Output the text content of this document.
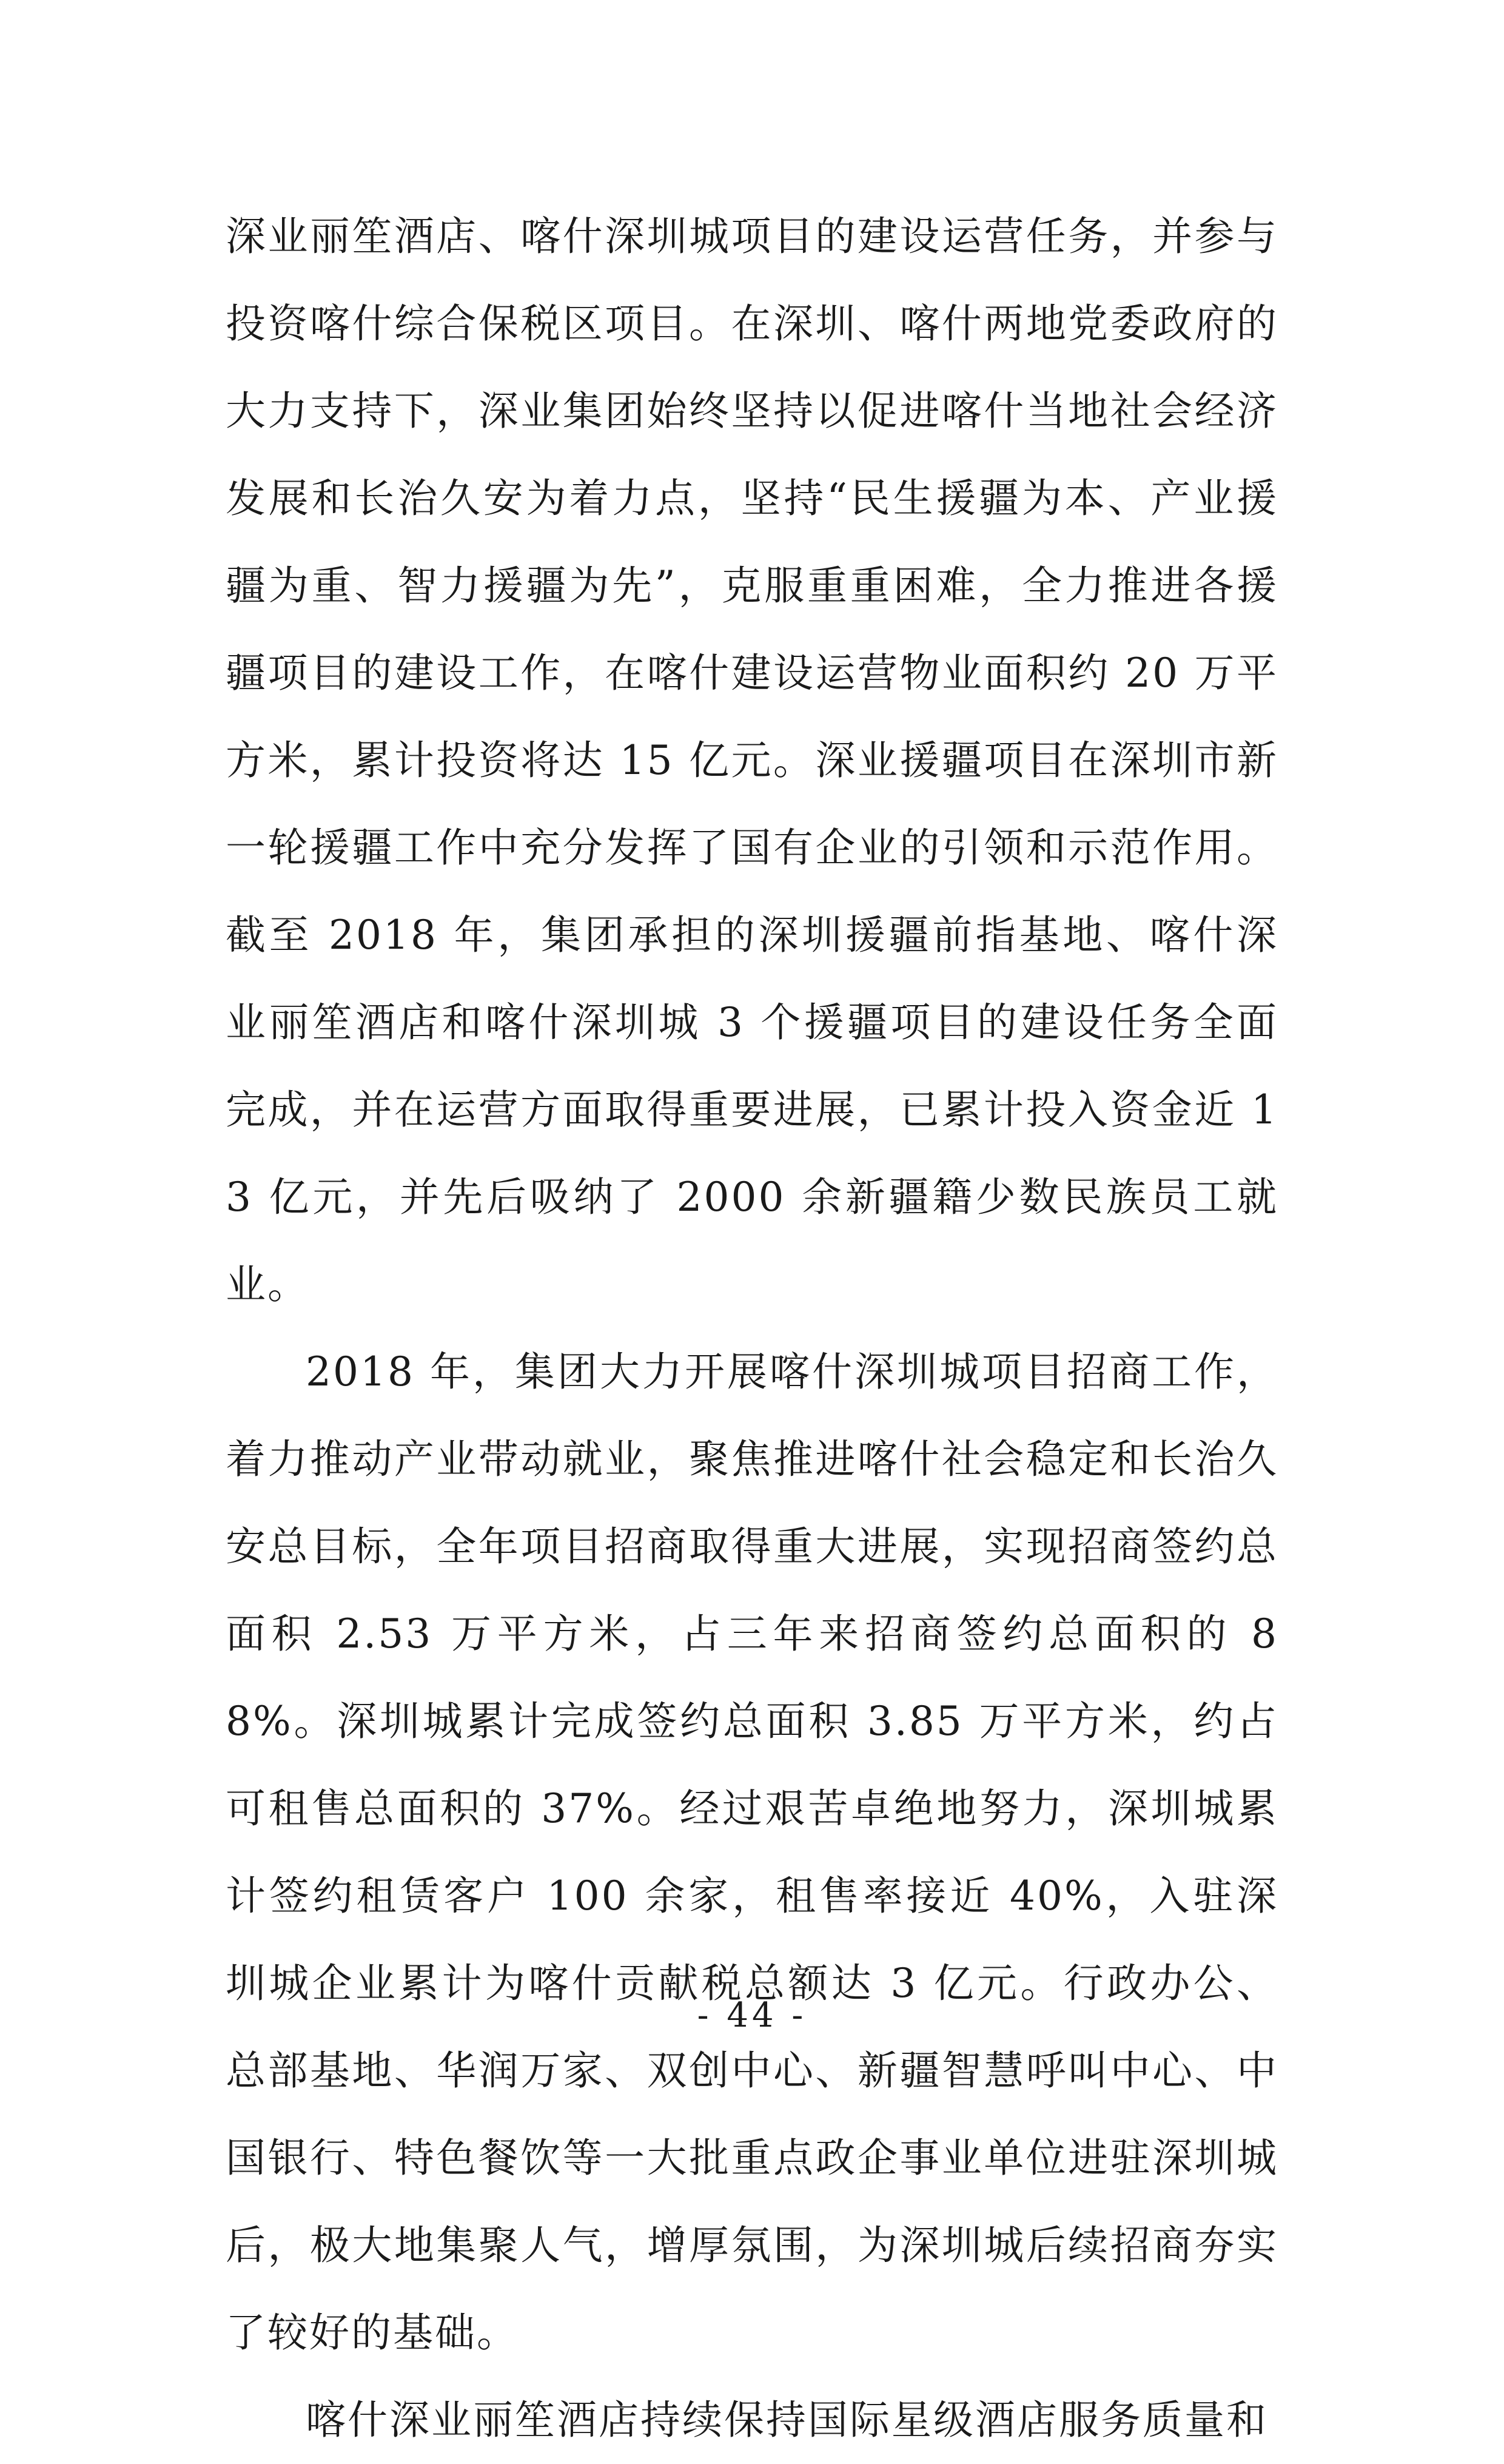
深业丽笙酒店、喀什深圳城项目的建设运营任务，并参与投资喀什综合保税区项目。在深圳、喀什两地党委政府的大力支持下，深业集团始终坚持以促进喀什当地社会经济发展和长治久安为着力点，坚持“民生援疆为本、产业援疆为重、智力援疆为先”，克服重重困难，全力推进各援疆项目的建设工作，在喀什建设运营物业面积约 20 万平方米，累计投资将达 15 亿元。深业援疆项目在深圳市新一轮援疆工作中充分发挥了国有企业的引领和示范作用。截至 2018 年，集团承担的深圳援疆前指基地、喀什深业丽笙酒店和喀什深圳城 3 个援疆项目的建设任务全面完成，并在运营方面取得重要进展，已累计投入资金近 13 亿元，并先后吸纳了 2000 余新疆籍少数民族员工就业。

2018 年，集团大力开展喀什深圳城项目招商工作，着力推动产业带动就业，聚焦推进喀什社会稳定和长治久安总目标，全年项目招商取得重大进展，实现招商签约总面积 2.53 万平方米，占三年来招商签约总面积的 88%。深圳城累计完成签约总面积 3.85 万平方米，约占可租售总面积的 37%。经过艰苦卓绝地努力，深圳城累计签约租赁客户 100 余家，租售率接近 40%，入驻深圳城企业累计为喀什贡献税总额达 3 亿元。行政办公、总部基地、华润万家、双创中心、新疆智慧呼叫中心、中国银行、特色餐饮等一大批重点政企事业单位进驻深圳城后，极大地集聚人气，增厚氛围，为深圳城后续招商夯实了较好的基础。

喀什深业丽笙酒店持续保持国际星级酒店服务质量和

- 44 -
